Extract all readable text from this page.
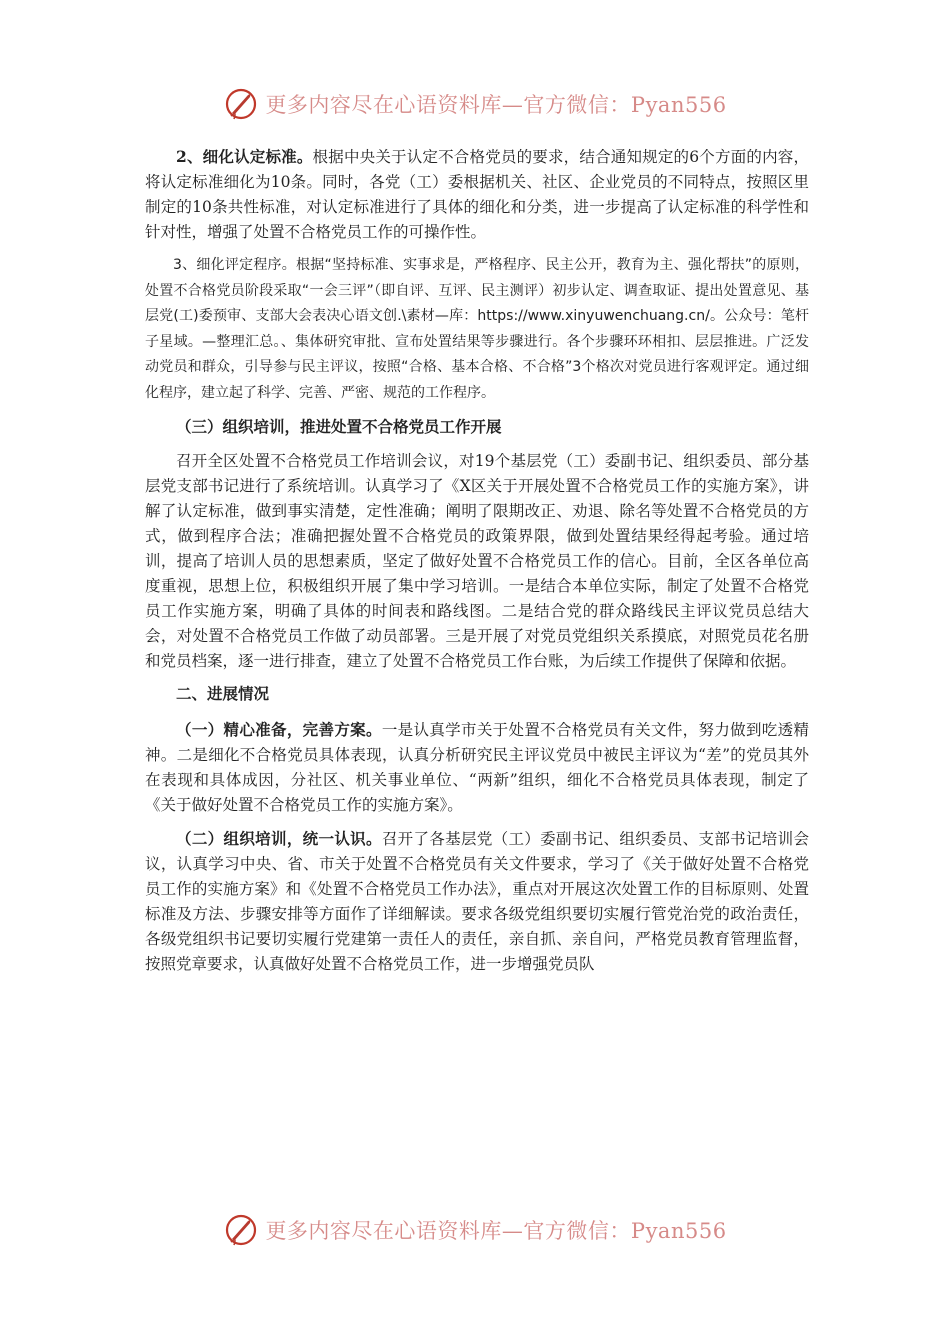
更多内容尽在心语资料库—官方微信：Pyan556

2、细化认定标准。根据中央关于认定不合格党员的要求，结合通知规定的6个方面的内容，将认定标准细化为10条。同时，各党（工）委根据机关、社区、企业党员的不同特点，按照区里制定的10条共性标准，对认定标准进行了具体的细化和分类，进一步提高了认定标准的科学性和针对性，增强了处置不合格党员工作的可操作性。

3、细化评定程序。根据“坚持标准、实事求是，严格程序、民主公开，教育为主、强化帮扶”的原则，处置不合格党员阶段采取“一会三评”（即自评、互评、民主测评）初步认定、调查取证、提出处置意见、基层党(工)委预审、支部大会表决心语文创.\素材—库：https://www.xinyuwenchuang.cn/。公众号：笔杆子星域。—整理汇总。、集体研究审批、宣布处置结果等步骤进行。各个步骤环环相扣、层层推进。广泛发动党员和群众，引导参与民主评议，按照“合格、基本合格、不合格”3个格次对党员进行客观评定。通过细化程序，建立起了科学、完善、严密、规范的工作程序。

（三）组织培训，推进处置不合格党员工作开展

召开全区处置不合格党员工作培训会议，对19个基层党（工）委副书记、组织委员、部分基层党支部书记进行了系统培训。认真学习了《X区关于开展处置不合格党员工作的实施方案》，讲解了认定标准，做到事实清楚，定性准确；阐明了限期改正、劝退、除名等处置不合格党员的方式，做到程序合法；准确把握处置不合格党员的政策界限，做到处置结果经得起考验。通过培训，提高了培训人员的思想素质，坚定了做好处置不合格党员工作的信心。目前，全区各单位高度重视，思想上位，积极组织开展了集中学习培训。一是结合本单位实际，制定了处置不合格党员工作实施方案，明确了具体的时间表和路线图。二是结合党的群众路线民主评议党员总结大会，对处置不合格党员工作做了动员部署。三是开展了对党员党组织关系摸底，对照党员花名册和党员档案，逐一进行排查，建立了处置不合格党员工作台账，为后续工作提供了保障和依据。

二、进展情况

（一）精心准备，完善方案。一是认真学市关于处置不合格党员有关文件，努力做到吃透精神。二是细化不合格党员具体表现，认真分析研究民主评议党员中被民主评议为“差”的党员其外在表现和具体成因，分社区、机关事业单位、“两新”组织，细化不合格党员具体表现，制定了《关于做好处置不合格党员工作的实施方案》。

（二）组织培训，统一认识。召开了各基层党（工）委副书记、组织委员、支部书记培训会议，认真学习中央、省、市关于处置不合格党员有关文件要求，学习了《关于做好处置不合格党员工作的实施方案》和《处置不合格党员工作办法》，重点对开展这次处置工作的目标原则、处置标准及方法、步骤安排等方面作了详细解读。要求各级党组织要切实履行管党治党的政治责任，各级党组织书记要切实履行党建第一责任人的责任，亲自抓、亲自问，严格党员教育管理监督，按照党章要求，认真做好处置不合格党员工作，进一步增强党员队

更多内容尽在心语资料库—官方微信：Pyan556
